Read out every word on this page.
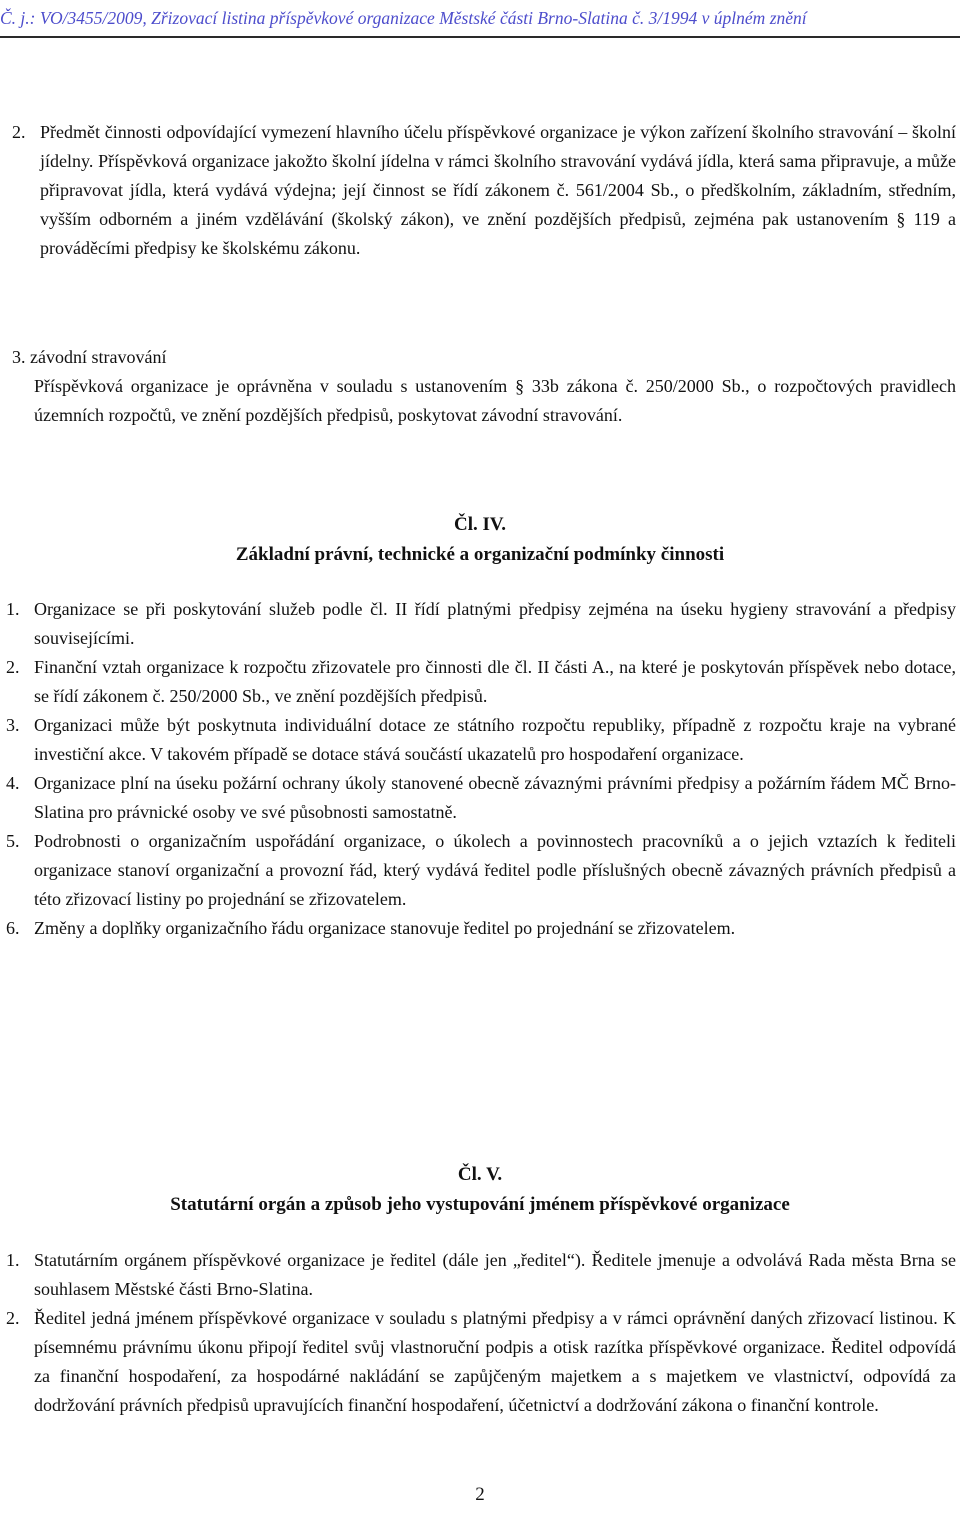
Č. j.: VO/3455/2009, Zřizovací listina příspěvkové organizace Městské části Brno-Slatina č. 3/1994 v úplném znění
2. Předmět činnosti odpovídající vymezení hlavního účelu příspěvkové organizace je výkon zařízení školního stravování – školní jídelny. Příspěvková organizace jakožto školní jídelna v rámci školního stravování vydává jídla, která sama připravuje, a může připravovat jídla, která vydává výdejna; její činnost se řídí zákonem č. 561/2004 Sb., o předškolním, základním, středním, vyšším odborném a jiném vzdělávání (školský zákon), ve znění pozdějších předpisů, zejména pak ustanovením § 119 a prováděcími předpisy ke školskému zákonu.
3. závodní stravování
Příspěvková organizace je oprávněna v souladu s ustanovením § 33b zákona č. 250/2000 Sb., o rozpočtových pravidlech územních rozpočtů, ve znění pozdějších předpisů, poskytovat závodní stravování.
Čl. IV.
Základní právní, technické a organizační podmínky činnosti
1. Organizace se při poskytování služeb podle čl. II řídí platnými předpisy zejména na úseku hygieny stravování a předpisy souvisejícími.
2. Finanční vztah organizace k rozpočtu zřizovatele pro činnosti dle čl. II části A., na které je poskytován příspěvek nebo dotace, se řídí zákonem č. 250/2000 Sb., ve znění pozdějších předpisů.
3. Organizaci může být poskytnuta individuální dotace ze státního rozpočtu republiky, případně z rozpočtu kraje na vybrané investiční akce. V takovém případě se dotace stává součástí ukazatelů pro hospodaření organizace.
4. Organizace plní na úseku požární ochrany úkoly stanovené obecně závaznými právními předpisy a požárním řádem MČ Brno-Slatina pro právnické osoby ve své působnosti samostatně.
5. Podrobnosti o organizačním uspořádání organizace, o úkolech a povinnostech pracovníků a o jejich vztazích k řediteli organizace stanoví organizační a provozní řád, který vydává ředitel podle příslušných obecně závazných právních předpisů a této zřizovací listiny po projednání se zřizovatelem.
6. Změny a doplňky organizačního řádu organizace stanovuje ředitel po projednání se zřizovatelem.
Čl. V.
Statutární orgán a způsob jeho vystupování jménem příspěvkové organizace
1. Statutárním orgánem příspěvkové organizace je ředitel (dále jen „ředitel“). Ředitele jmenuje a odvolává Rada města Brna se souhlasem Městské části Brno-Slatina.
2. Ředitel jedná jménem příspěvkové organizace v souladu s platnými předpisy a v rámci oprávnění daných zřizovací listinou. K písemnému právnímu úkonu připojí ředitel svůj vlastnoruční podpis a otisk razítka příspěvkové organizace. Ředitel odpovídá za finanční hospodaření, za hospodárné nakládání se zapůjčeným majetkem a s majetkem ve vlastnictví, odpovídá za dodržování právních předpisů upravujících finanční hospodaření, účetnictví a dodržování zákona o finanční kontrole.
2
